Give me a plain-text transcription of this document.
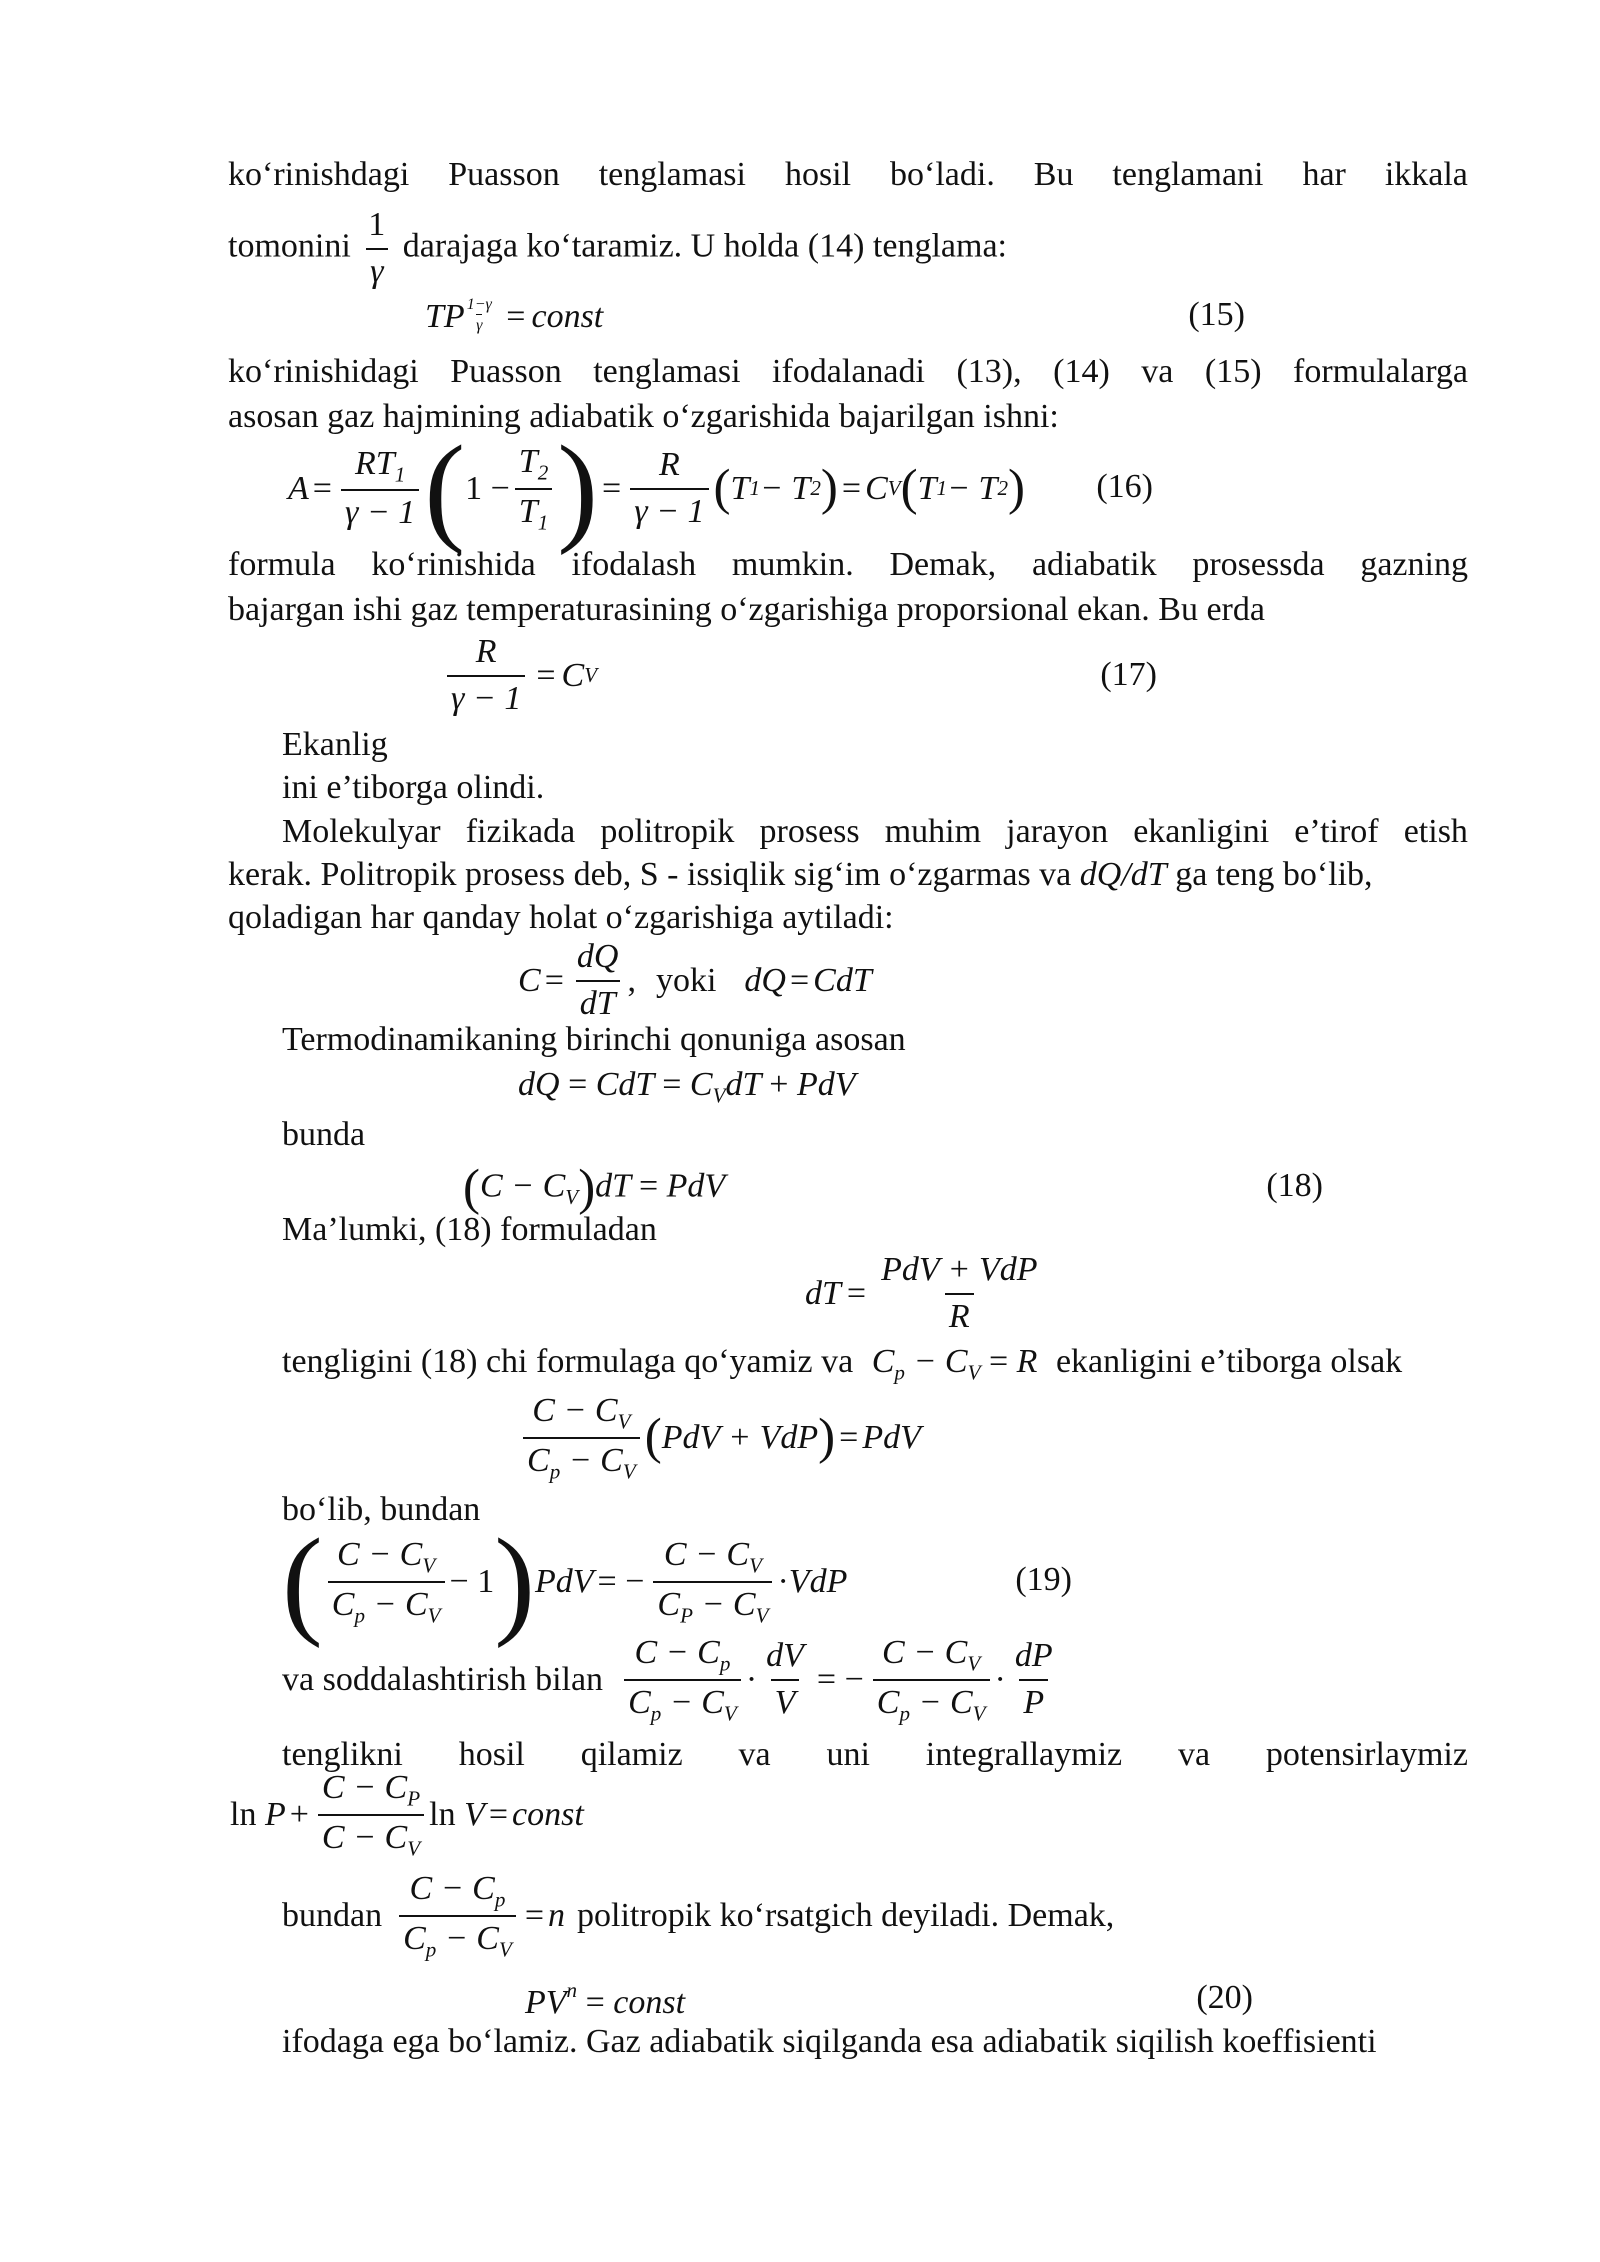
ko‘rinishdagi Puasson tenglamasi hosil bo‘ladi. Bu tenglamani har ikkala
tomonini $\frac{1}{\gamma}$ darajaga ko‘taramiz. U holda (14) tenglama:
TP $\frac{1-\gamma}{\gamma}$ = const	(15)
ko‘rinishidagi Puasson tenglamasi ifodalanadi (13), (14) va (15) formulalarga
asosan gaz hajmining adiabatik o‘zgarishida bajarilgan ishni:
$A = \frac{RT_1}{\gamma - 1}$ ( $1 - \frac{T_2}{T_1}$ ) = $\frac{R}{\gamma - 1}$ ( T 1 − T 2 ) = C V ( T 1 − T 2 ) (16)
formula ko‘rinishida ifodalash mumkin. Demak, adiabatik prosessda gazning
bajargan ishi gaz temperaturasining o‘zgarishiga proporsional ekan. Bu erda
$\frac{R}{\gamma - 1} = C$ V	(17)
Ekanlig
ini e’tiborga olindi.
Molekulyar fizikada politropik prosess muhim jarayon ekanligini e’tirof etish
kerak. Politropik prosess deb, S - issiqlik sig‘im o‘zgarmas va dQ/dT ga teng bo‘lib,
qoladigan har qanday holat o‘zgarishiga aytiladi:
$C = \frac{dQ}{dT}$ , yoki dQ = CdT
Termodinamikaning birinchi qonuniga asosan
dQ = CdT = $C_VdT$ + PdV
bunda
$(C - C_V)dT$ = PdV	(18)
Ma’lumki, (18) formuladan
dT = $\frac{\text{PdV + VdP}}{R}$
tengligini (18) chi formulaga qo‘yamiz va $C_p - C_V = R$ ekanligini e’tiborga olsak
$\frac{C - C_V}{C_p - C_V}$ ( PdV + VdP ) = PdV
bo‘lib, bundan
( $\frac{C - C_V}{C_p - C_V} - 1$ ) PdV = − $\frac{C - C_V}{C_P - C_V}$ · VdP	(19)
va soddalashtirish bilan $\frac{C - C_p}{C_p - C_V} \cdot \frac{dV}{V}$ = − $\frac{C - C_V}{C_p - C_V} \cdot \frac{dP}{P}$
tenglikni hosil qilamiz va uni integrallaymiz va potensirlaymiz
$\ln P + \frac{C - C_P}{C - C_V}$ ln V = const
bundan $\frac{C - C_p}{C_p - C_V} = n$ politropik ko‘rsatgich deyiladi. Demak,
$PV^n$ = const	(20)
ifodaga ega bo‘lamiz. Gaz adiabatik siqilganda esa adiabatik siqilish koeffisienti
